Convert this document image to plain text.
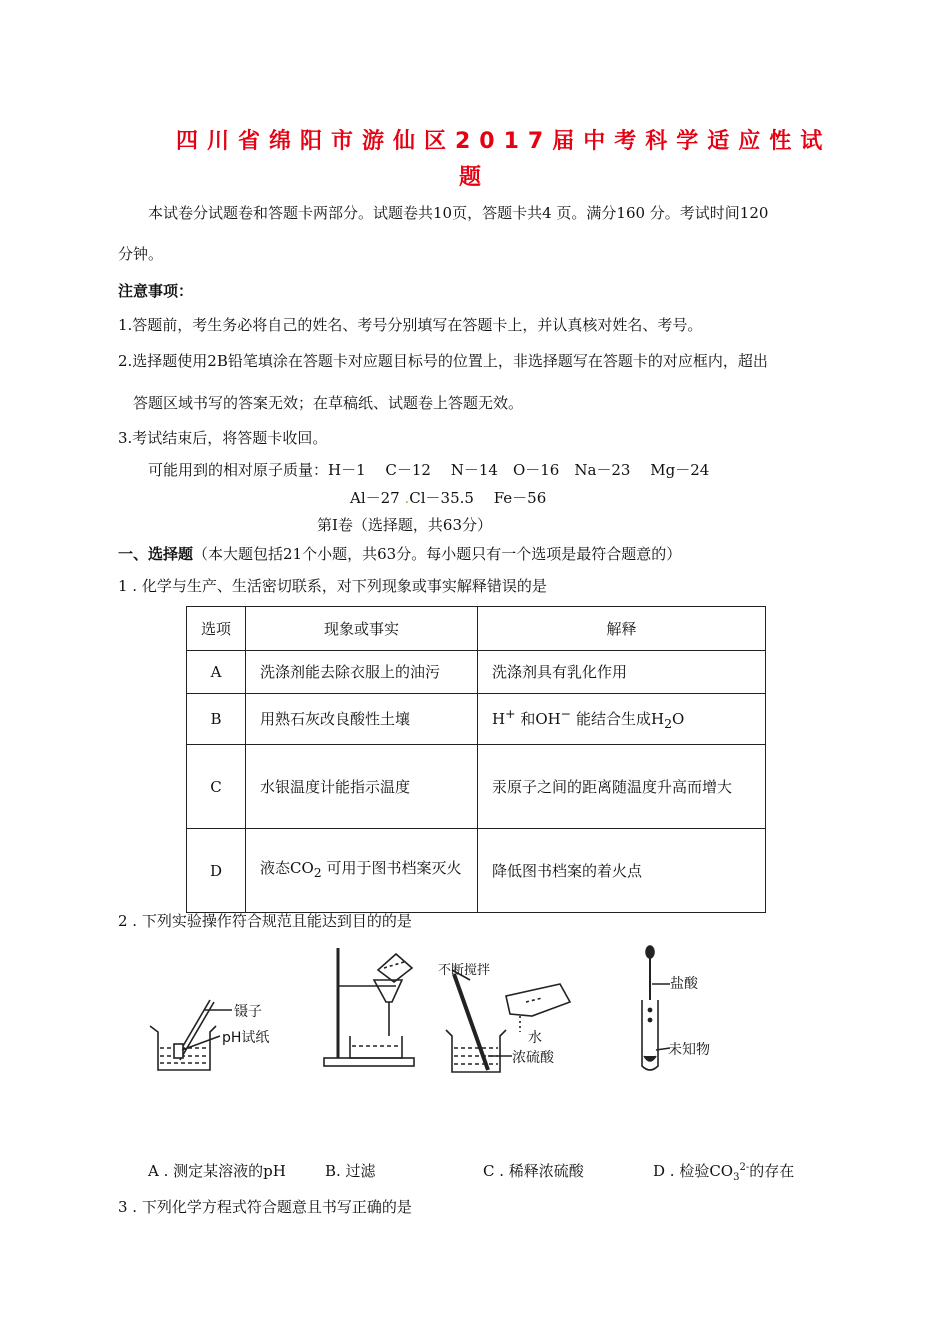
四川省绵阳市游仙区2017届中考科学适应性试
题
本试卷分试题卷和答题卡两部分。试题卷共10页，答题卡共4 页。满分160 分。考试时间120
分钟。
注意事项：
1.答题前，考生务必将自己的姓名、考号分别填写在答题卡上，并认真核对姓名、考号。
2.选择题使用2B铅笔填涂在答题卡对应题目标号的位置上，非选择题写在答题卡的对应框内，超出
答题区域书写的答案无效；在草稿纸、试题卷上答题无效。
3.考试结束后，将答题卡收回。
可能用到的相对原子质量：H－1　 C－12　 N－14　O－16　Na－23　 Mg－24
Al－27 .Cl－35.5　 Fe－56
第Ⅰ卷（选择题，共63分）
一、选择题（本大题包括21个小题，共63分。每小题只有一个选项是最符合题意的）
1 . 化学与生产、生活密切联系，对下列现象或事实解释错误的是
选项	现象或事实	解释
A	洗涤剂能去除衣服上的油污	洗涤剂具有乳化作用
B	用熟石灰改良酸性土壤	H+ 和OH− 能结合生成$H_2O$
C	水银温度计能指示温度	汞原子之间的距离随温度升高而增大
D	液态$CO_2$ 可用于图书档案灭火	降低图书档案的着火点
2 . 下列实验操作符合规范且能达到目的的是
镊子
pH试纸
不断搅拌
水
浓硫酸
盐酸
未知物
A . 测定某溶液的pH	B. 过滤	C . 稀释浓硫酸	D . 检验$CO_3^{2-}$的存在
3 . 下列化学方程式符合题意且书写正确的是
